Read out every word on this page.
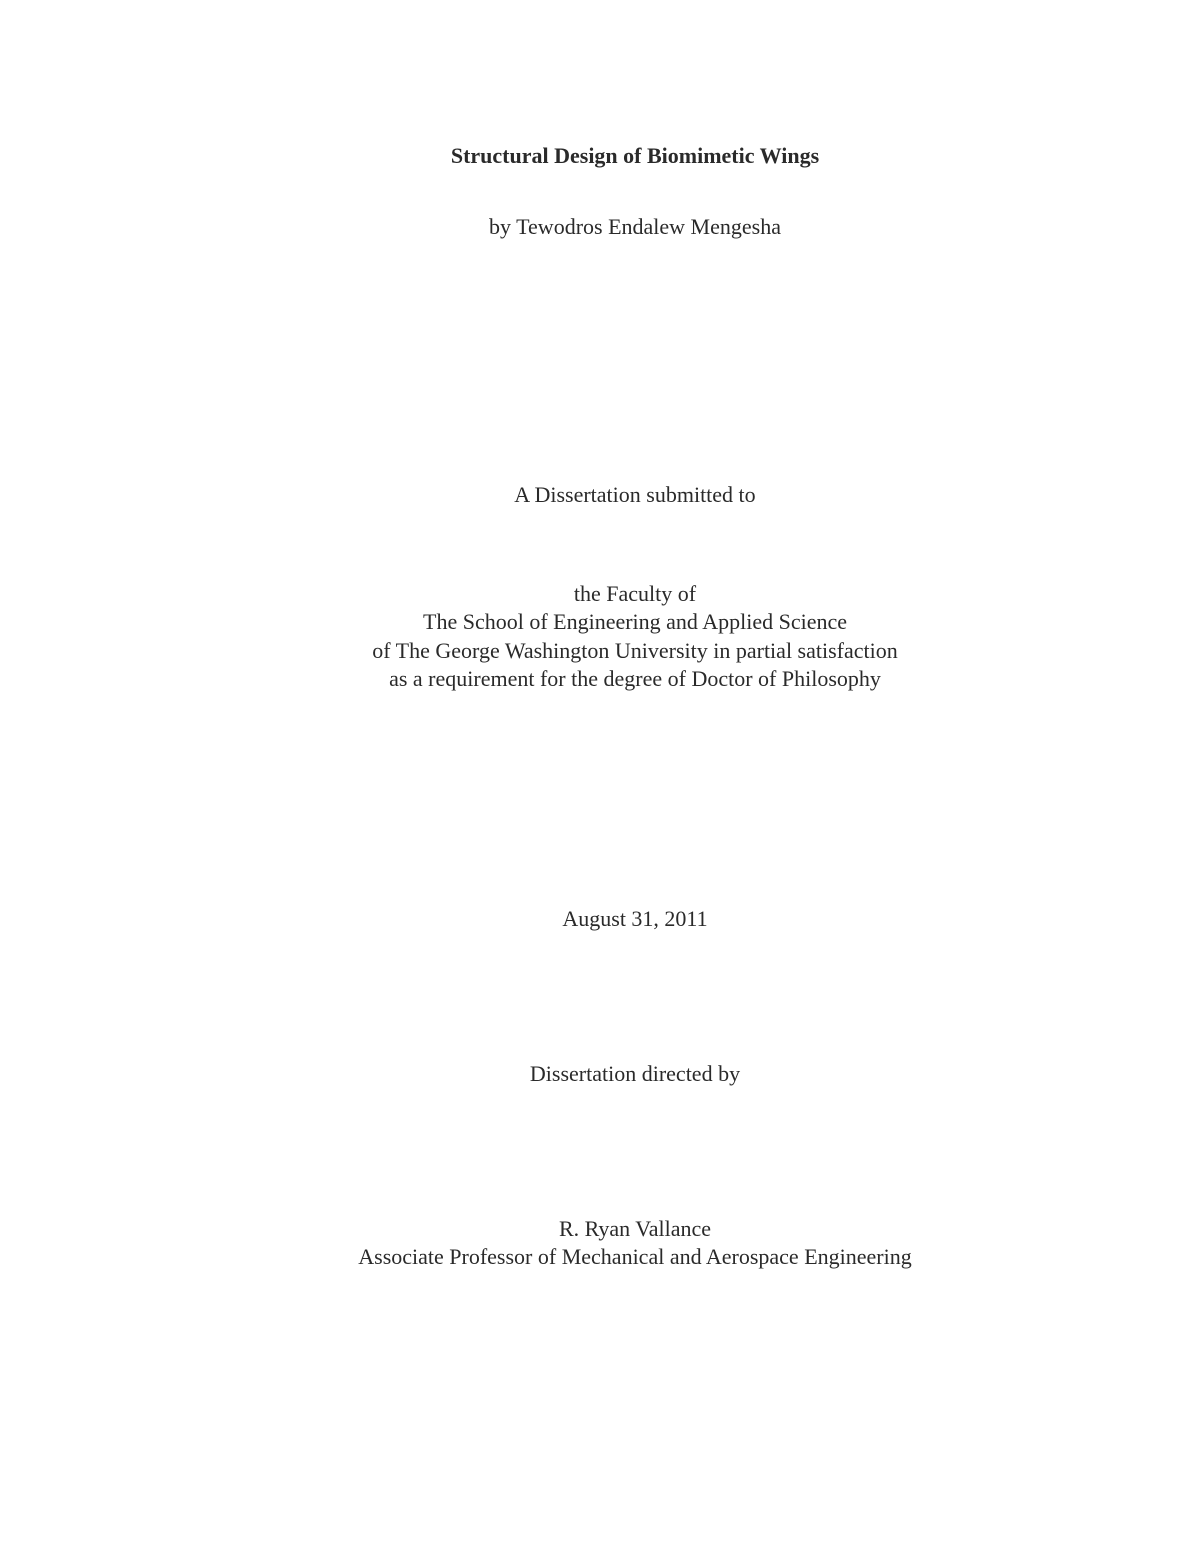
Structural Design of Biomimetic Wings
by Tewodros Endalew Mengesha
A Dissertation submitted to
the Faculty of
The School of Engineering and Applied Science
of The George Washington University in partial satisfaction
as a requirement for the degree of Doctor of Philosophy
August 31, 2011
Dissertation directed by
R. Ryan Vallance
Associate Professor of Mechanical and Aerospace Engineering
